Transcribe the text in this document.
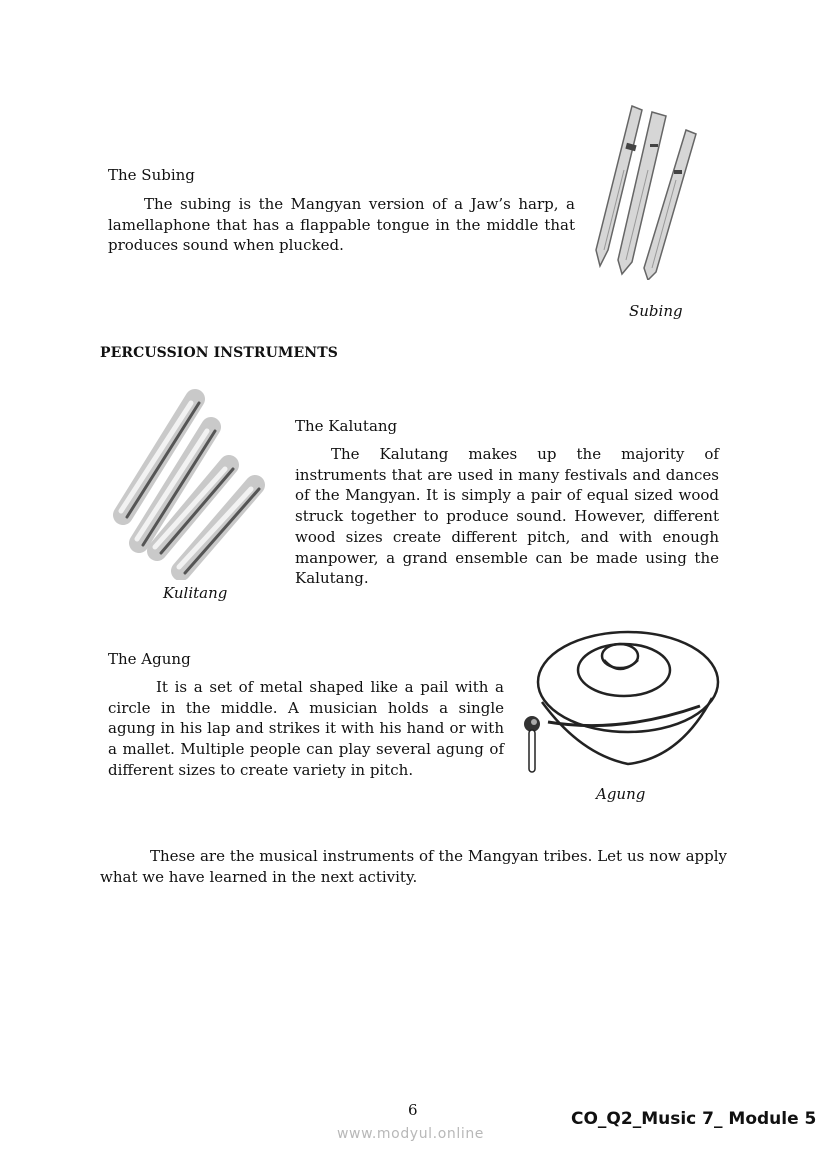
The Subing
The subing is the Mangyan version of a Jaw’s harp, a lamellaphone that has a flappable tongue in the middle that produces sound when plucked.
Subing
PERCUSSION INSTRUMENTS
Kulitang
The Kalutang
The Kalutang makes up the majority of instruments that are used in many festivals and dances of the Mangyan. It is simply a pair of equal sized wood struck together to produce sound. However, different wood sizes create different pitch, and with enough manpower, a grand ensemble can be made using the Kalutang.
The Agung
It is a set of metal shaped like a pail with a circle in the middle. A musician holds a single agung in his lap and strikes it with his hand or with a mallet. Multiple people can play several agung of different sizes to create variety in pitch.
Agung
These are the musical instruments of the Mangyan tribes. Let us now apply what we have learned in the next activity.
6	CO_Q2_Music 7_ Module 5
www.modyul.online
